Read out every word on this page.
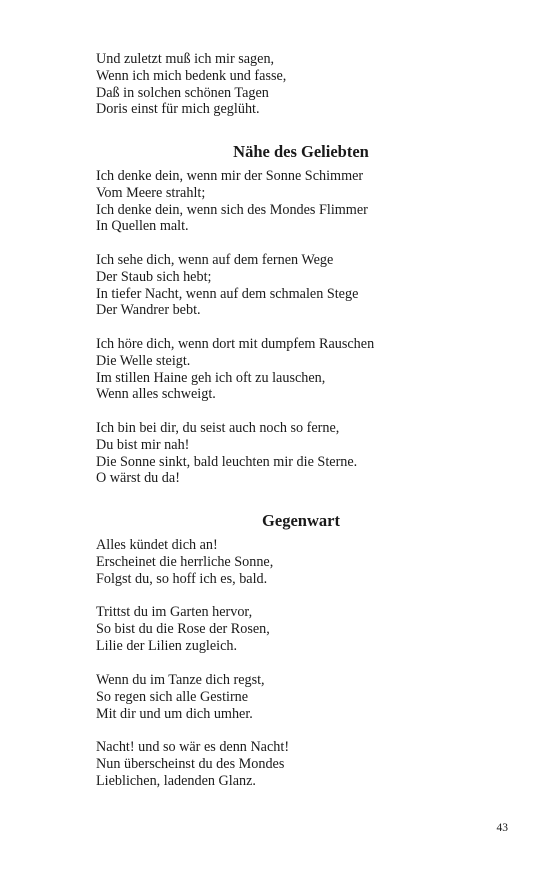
Und zuletzt muß ich mir sagen,
Wenn ich mich bedenk und fasse,
Daß in solchen schönen Tagen
Doris einst für mich geglüht.
Nähe des Geliebten
Ich denke dein, wenn mir der Sonne Schimmer
Vom Meere strahlt;
Ich denke dein, wenn sich des Mondes Flimmer
In Quellen malt.
Ich sehe dich, wenn auf dem fernen Wege
Der Staub sich hebt;
In tiefer Nacht, wenn auf dem schmalen Stege
Der Wandrer bebt.
Ich höre dich, wenn dort mit dumpfem Rauschen
Die Welle steigt.
Im stillen Haine geh ich oft zu lauschen,
Wenn alles schweigt.
Ich bin bei dir, du seist auch noch so ferne,
Du bist mir nah!
Die Sonne sinkt, bald leuchten mir die Sterne.
O wärst du da!
Gegenwart
Alles kündet dich an!
Erscheinet die herrliche Sonne,
Folgst du, so hoff ich es, bald.
Trittst du im Garten hervor,
So bist du die Rose der Rosen,
Lilie der Lilien zugleich.
Wenn du im Tanze dich regst,
So regen sich alle Gestirne
Mit dir und um dich umher.
Nacht! und so wär es denn Nacht!
Nun überscheinst du des Mondes
Lieblichen, ladenden Glanz.
43
